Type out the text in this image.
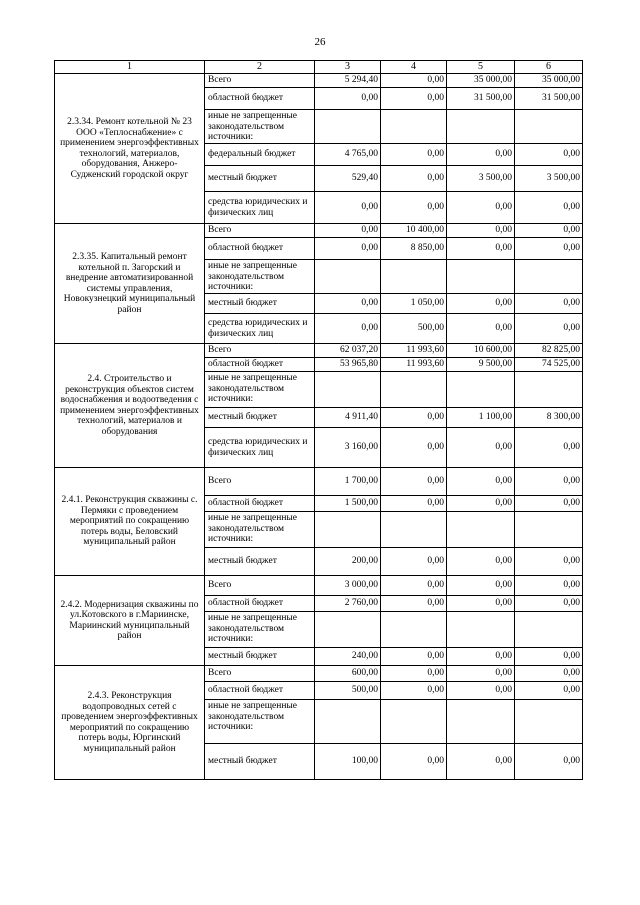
26
1	2	3	4	5	6
2.3.34. Ремонт котельной № 23 ООО «Теплоснабжение» с применением энергоэффективных технологий, материалов, оборудования, Анжеро-Судженский городской округ	Всего	5 294,40	0,00	35 000,00	35 000,00
	областной бюджет	0,00	0,00	31 500,00	31 500,00
	иные не запрещенные законодательством источники:				
	федеральный бюджет	4 765,00	0,00	0,00	0,00
	местный бюджет	529,40	0,00	3 500,00	3 500,00
	средства юридических и физических лиц	0,00	0,00	0,00	0,00
2.3.35. Капитальный ремонт котельной п. Загорский и внедрение автоматизированной системы управления, Новокузнецкий муниципальный район	Всего	0,00	10 400,00	0,00	0,00
	областной бюджет	0,00	8 850,00	0,00	0,00
	иные не запрещенные законодательством источники:				
	местный бюджет	0,00	1 050,00	0,00	0,00
	средства юридических и физических лиц	0,00	500,00	0,00	0,00
2.4. Строительство и реконструкция объектов систем водоснабжения и водоотведения с применением энергоэффективных технологий, материалов и оборудования	Всего	62 037,20	11 993,60	10 600,00	82 825,00
	областной бюджет	53 965,80	11 993,60	9 500,00	74 525,00
	иные не запрещенные законодательством источники:				
	местный бюджет	4 911,40	0,00	1 100,00	8 300,00
	средства юридических и физических лиц	3 160,00	0,00	0,00	0,00
2.4.1. Реконструкция скважины с. Пермяки с проведением мероприятий по сокращению потерь воды, Беловский муниципальный район	Всего	1 700,00	0,00	0,00	0,00
	областной бюджет	1 500,00	0,00	0,00	0,00
	иные не запрещенные законодательством источники:				
	местный бюджет	200,00	0,00	0,00	0,00
2.4.2. Модернизация скважины по ул.Котовского в г.Мариинске, Мариинский муниципальный район	Всего	3 000,00	0,00	0,00	0,00
	областной бюджет	2 760,00	0,00	0,00	0,00
	иные не запрещенные законодательством источники:				
	местный бюджет	240,00	0,00	0,00	0,00
2.4.3. Реконструкция водопроводных сетей с проведением энергоэффективных мероприятий по сокращению потерь воды, Юргинский муниципальный район	Всего	600,00	0,00	0,00	0,00
	областной бюджет	500,00	0,00	0,00	0,00
	иные не запрещенные законодательством источники:				
	местный бюджет	100,00	0,00	0,00	0,00
